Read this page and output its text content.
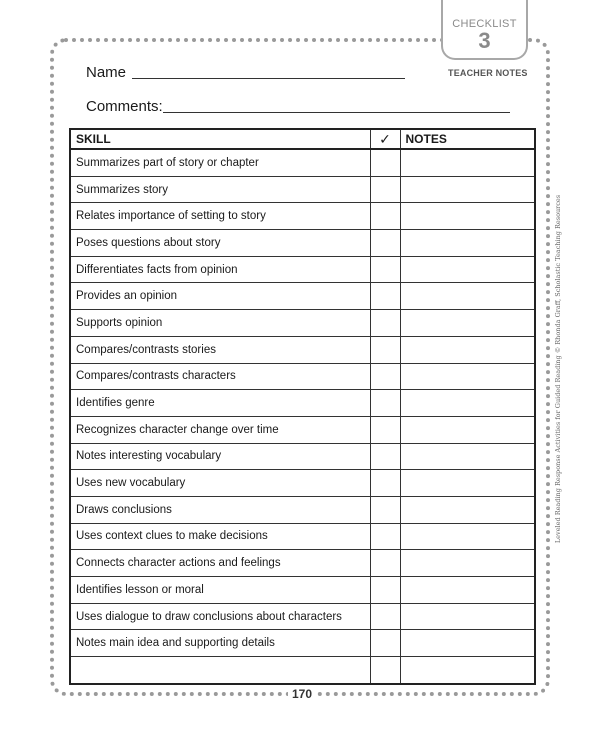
CHECKLIST
3
TEACHER NOTES
Name
Comments:
SKILL	✓	NOTES
Summarizes part of story or chapter		
Summarizes story		
Relates importance of setting to story		
Poses questions about story		
Differentiates facts from opinion		
Provides an opinion		
Supports opinion		
Compares/contrasts stories		
Compares/contrasts characters		
Identifies genre		
Recognizes character change over time		
Notes interesting vocabulary		
Uses new vocabulary		
Draws conclusions		
Uses context clues to make decisions		
Connects character actions and feelings		
Identifies lesson or moral		
Uses dialogue to draw conclusions about characters		
Notes main idea and supporting details		

Leveled Reading Response Activities for Guided Reading © Rhonda Graff, Scholastic Teaching Resources
170
